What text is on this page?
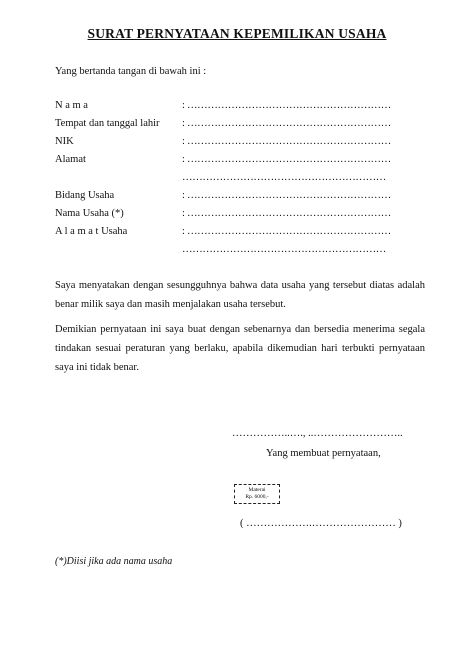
SURAT PERNYATAAN KEPEMILIKAN USAHA
Yang bertanda tangan di bawah ini :
N a m a	: ……………………………………………………
Tempat dan tanggal lahir : ……………………………………………………
NIK	: ……………………………………………………
Alamat	: ……………………………………………………
……………………………………………………
Bidang Usaha	: ……………………………………………………
Nama Usaha (*)	: ……………………………………………………
A l a m a t Usaha	: ……………………………………………………
……………………………………………………

Saya menyatakan dengan sesungguhnya bahwa data usaha yang tersebut diatas adalah benar milik saya dan masih menjalakan usaha tersebut.

Demikian pernyataan ini saya buat dengan sebenarnya dan bersedia menerima segala tindakan sesuai peraturan yang berlaku, apabila dikemudian hari terbukti pernyataan saya ini tidak benar.

……………..…., ..……………………..
Yang membuat pernyataan,
Materai
Rp. 6000,-
( ……………….…………………… )
(*)Diisi jika ada nama usaha
